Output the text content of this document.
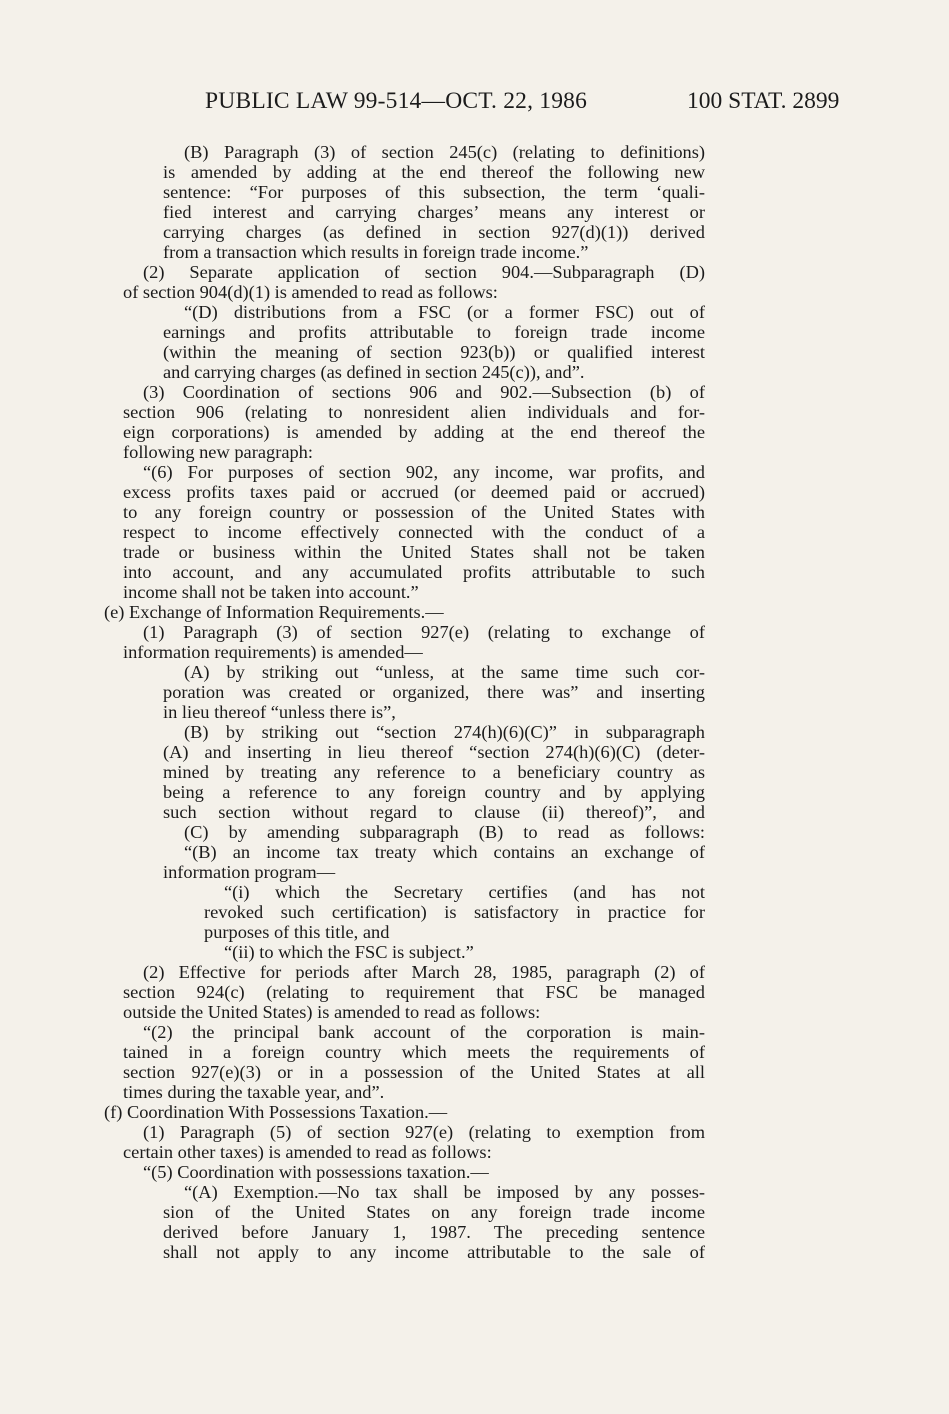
PUBLIC LAW 99-514—OCT. 22, 1986	100 STAT. 2899
(B) Paragraph (3) of section 245(c) (relating to definitions)
is amended by adding at the end thereof the following new
sentence: “For purposes of this subsection, the term ‘quali-
fied interest and carrying charges’ means any interest or
carrying charges (as defined in section 927(d)(1)) derived
from a transaction which results in foreign trade income.”
(2) Separate application of section 904.—Subparagraph (D)
of section 904(d)(1) is amended to read as follows:
“(D) distributions from a FSC (or a former FSC) out of
earnings and profits attributable to foreign trade income
(within the meaning of section 923(b)) or qualified interest
and carrying charges (as defined in section 245(c)), and”.
(3) Coordination of sections 906 and 902.—Subsection (b) of
section 906 (relating to nonresident alien individuals and for-
eign corporations) is amended by adding at the end thereof the
following new paragraph:
“(6) For purposes of section 902, any income, war profits, and
excess profits taxes paid or accrued (or deemed paid or accrued)
to any foreign country or possession of the United States with
respect to income effectively connected with the conduct of a
trade or business within the United States shall not be taken
into account, and any accumulated profits attributable to such
income shall not be taken into account.”
(e) Exchange of Information Requirements.—
(1) Paragraph (3) of section 927(e) (relating to exchange of
information requirements) is amended—
(A) by striking out “unless, at the same time such cor-
poration was created or organized, there was” and inserting
in lieu thereof “unless there is”,
(B) by striking out “section 274(h)(6)(C)” in subparagraph
(A) and inserting in lieu thereof “section 274(h)(6)(C) (deter-
mined by treating any reference to a beneficiary country as
being a reference to any foreign country and by applying
such section without regard to clause (ii) thereof)”, and
(C) by amending subparagraph (B) to read as follows:
“(B) an income tax treaty which contains an exchange of
information program—
“(i) which the Secretary certifies (and has not
revoked such certification) is satisfactory in practice for
purposes of this title, and
“(ii) to which the FSC is subject.”
(2) Effective for periods after March 28, 1985, paragraph (2) of
section 924(c) (relating to requirement that FSC be managed
outside the United States) is amended to read as follows:
“(2) the principal bank account of the corporation is main-
tained in a foreign country which meets the requirements of
section 927(e)(3) or in a possession of the United States at all
times during the taxable year, and”.
(f) Coordination With Possessions Taxation.—
(1) Paragraph (5) of section 927(e) (relating to exemption from
certain other taxes) is amended to read as follows:
“(5) Coordination with possessions taxation.—
“(A) Exemption.—No tax shall be imposed by any posses-
sion of the United States on any foreign trade income
derived before January 1, 1987. The preceding sentence
shall not apply to any income attributable to the sale of
